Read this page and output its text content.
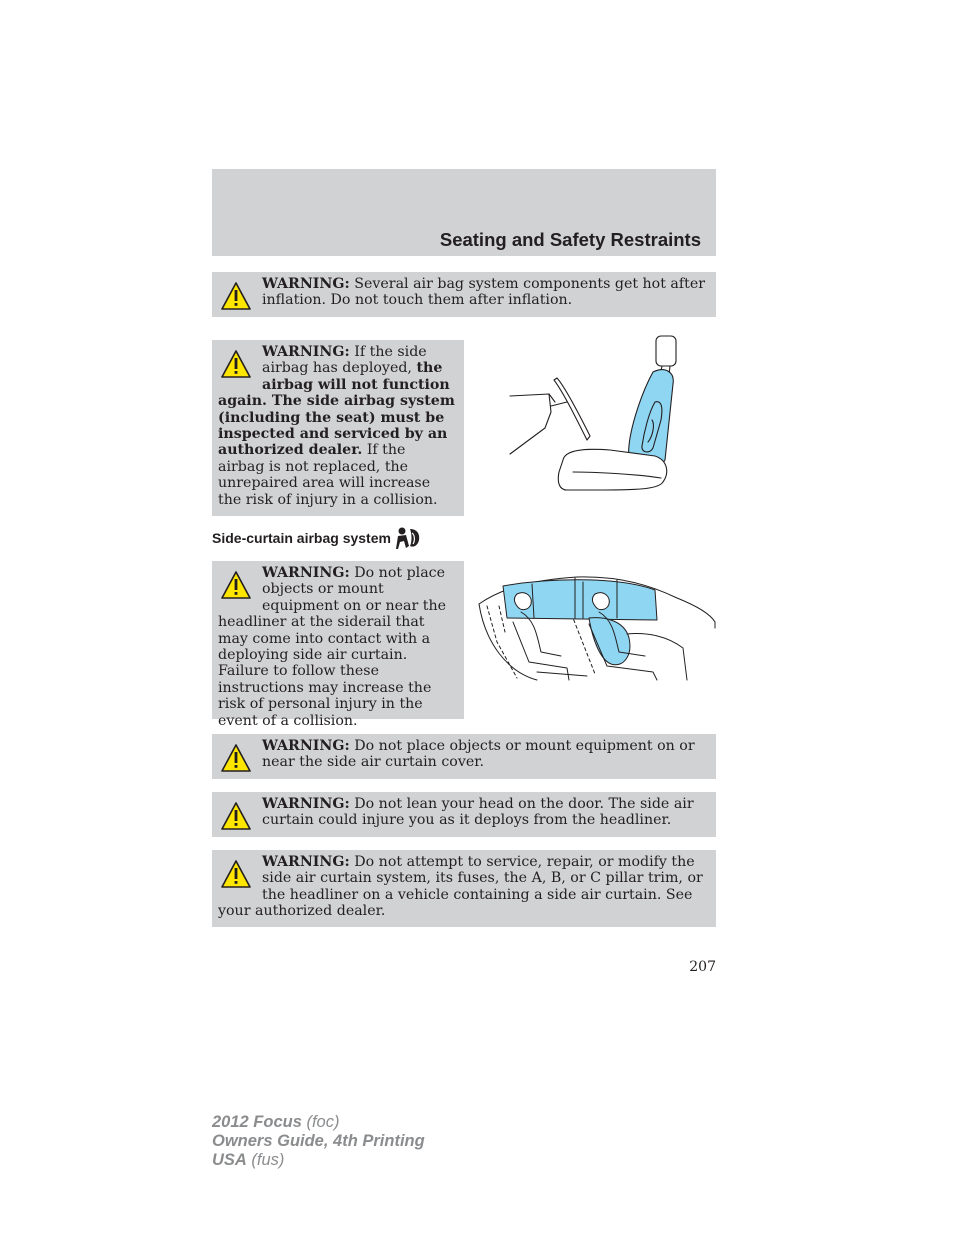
Seating and Safety Restraints
WARNING: Several air bag system components get hot after inflation. Do not touch them after inflation.
WARNING: If the side airbag has deployed, the airbag will not function again. The side airbag system (including the seat) must be inspected and serviced by an authorized dealer. If the airbag is not replaced, the unrepaired area will increase the risk of injury in a collision.
Side-curtain airbag system
WARNING: Do not place objects or mount equipment on or near the headliner at the siderail that may come into contact with a deploying side air curtain. Failure to follow these instructions may increase the risk of personal injury in the event of a collision.
WARNING: Do not place objects or mount equipment on or near the side air curtain cover.
WARNING: Do not lean your head on the door. The side air curtain could injure you as it deploys from the headliner.
WARNING: Do not attempt to service, repair, or modify the side air curtain system, its fuses, the A, B, or C pillar trim, or the headliner on a vehicle containing a side air curtain. See your authorized dealer.
207
2012 Focus (foc)
Owners Guide, 4th Printing
USA (fus)
